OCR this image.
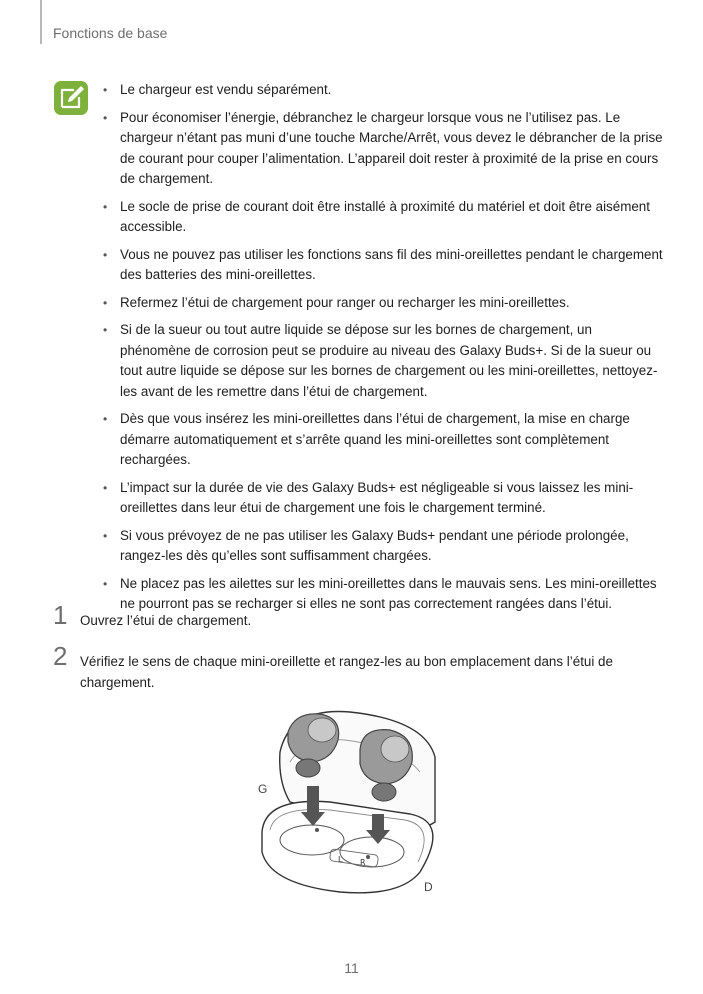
Fonctions de base
• Le chargeur est vendu séparément.
• Pour économiser l’énergie, débranchez le chargeur lorsque vous ne l’utilisez pas. Le chargeur n’étant pas muni d’une touche Marche/Arrêt, vous devez le débrancher de la prise de courant pour couper l’alimentation. L’appareil doit rester à proximité de la prise en cours de chargement.
• Le socle de prise de courant doit être installé à proximité du matériel et doit être aisément accessible.
• Vous ne pouvez pas utiliser les fonctions sans fil des mini-oreillettes pendant le chargement des batteries des mini-oreillettes.
• Refermez l’étui de chargement pour ranger ou recharger les mini-oreillettes.
• Si de la sueur ou tout autre liquide se dépose sur les bornes de chargement, un phénomène de corrosion peut se produire au niveau des Galaxy Buds+. Si de la sueur ou tout autre liquide se dépose sur les bornes de chargement ou les mini-oreillettes, nettoyez-les avant de les remettre dans l’étui de chargement.
• Dès que vous insérez les mini-oreillettes dans l’étui de chargement, la mise en charge démarre automatiquement et s’arrête quand les mini-oreillettes sont complètement rechargées.
• L’impact sur la durée de vie des Galaxy Buds+ est négligeable si vous laissez les mini-oreillettes dans leur étui de chargement une fois le chargement terminé.
• Si vous prévoyez de ne pas utiliser les Galaxy Buds+ pendant une période prolongée, rangez-les dès qu’elles sont suffisamment chargées.
• Ne placez pas les ailettes sur les mini-oreillettes dans le mauvais sens. Les mini-oreillettes ne pourront pas se recharger si elles ne sont pas correctement rangées dans l’étui.
1 Ouvrez l’étui de chargement.
2 Vérifiez le sens de chaque mini-oreillette et rangez-les au bon emplacement dans l’étui de chargement.
L R
G
D
11
